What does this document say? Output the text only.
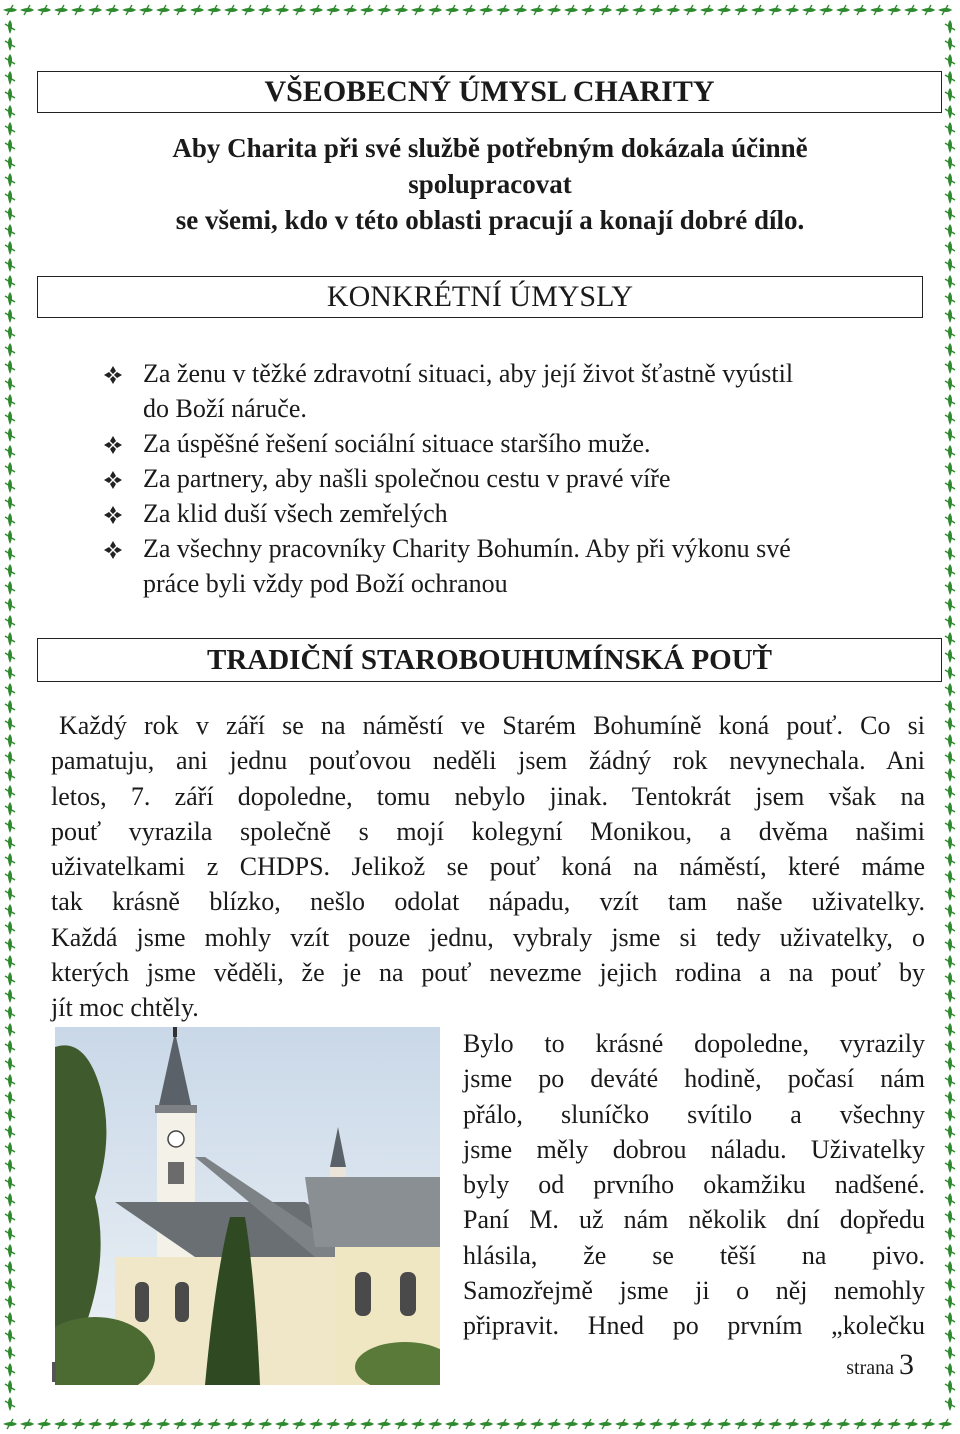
VŠEOBECNÝ ÚMYSL CHARITY
Aby Charita při své službě potřebným dokázala účinně
spolupracovat
se všemi, kdo v této oblasti pracují a konají dobré dílo.
KONKRÉTNÍ ÚMYSLY
Za ženu v těžké zdravotní situaci, aby její život šťastně vyústil
do Boží náruče.
Za úspěšné řešení sociální situace staršího muže.
Za partnery, aby našli společnou cestu v pravé víře
Za klid duší všech zemřelých
Za všechny pracovníky Charity Bohumín. Aby při výkonu své
práce byli vždy pod Boží ochranou
TRADIČNÍ STAROBOUHUMÍNSKÁ POUŤ
Každý rok v září se na náměstí ve Starém Bohumíně koná pouť. Co si
pamatuju, ani jednu pouťovou neděli jsem žádný rok nevynechala. Ani
letos, 7. září dopoledne, tomu nebylo jinak. Tentokrát jsem však na
pouť vyrazila společně s mojí kolegyní Monikou, a dvěma našimi
uživatelkami z CHDPS. Jelikož se pouť koná na náměstí, které máme
tak krásně blízko, nešlo odolat nápadu, vzít tam naše uživatelky.
Každá jsme mohly vzít pouze jednu, vybraly jsme si tedy uživatelky, o
kterých jsme věděli, že je na pouť nevezme jejich rodina a na pouť by
jít moc chtěly.
Bylo to krásné dopoledne, vyrazily
jsme po deváté hodině, počasí nám
přálo, sluníčko svítilo a všechny
jsme měly dobrou náladu. Uživatelky
byly od prvního okamžiku nadšené.
Paní M. už nám několik dní dopředu
hlásila, že se těší na pivo.
Samozřejmě jsme ji o něj nemohly
připravit. Hned po prvním „kolečku
strana 3
